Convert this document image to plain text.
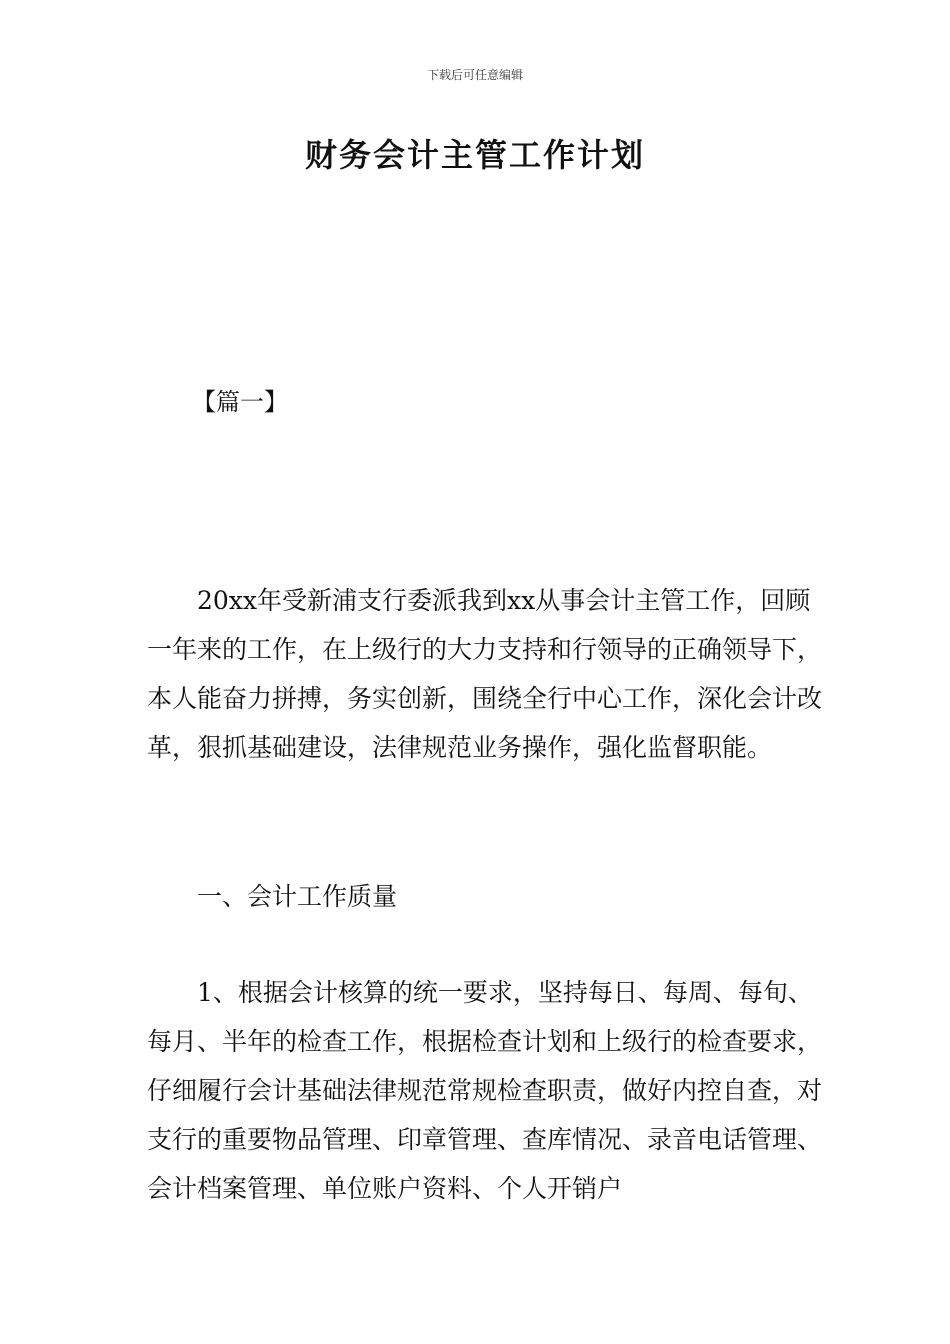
下载后可任意编辑
财务会计主管工作计划
【篇一】

20xx年受新浦支行委派我到xx从事会计主管工作，回顾一年来的工作，在上级行的大力支持和行领导的正确领导下，本人能奋力拼搏，务实创新，围绕全行中心工作，深化会计改革，狠抓基础建设，法律规范业务操作，强化监督职能。

一、会计工作质量

1、根据会计核算的统一要求，坚持每日、每周、每旬、每月、半年的检查工作，根据检查计划和上级行的检查要求，仔细履行会计基础法律规范常规检查职责，做好内控自查，对支行的重要物品管理、印章管理、查库情况、录音电话管理、会计档案管理、单位账户资料、个人开销户
